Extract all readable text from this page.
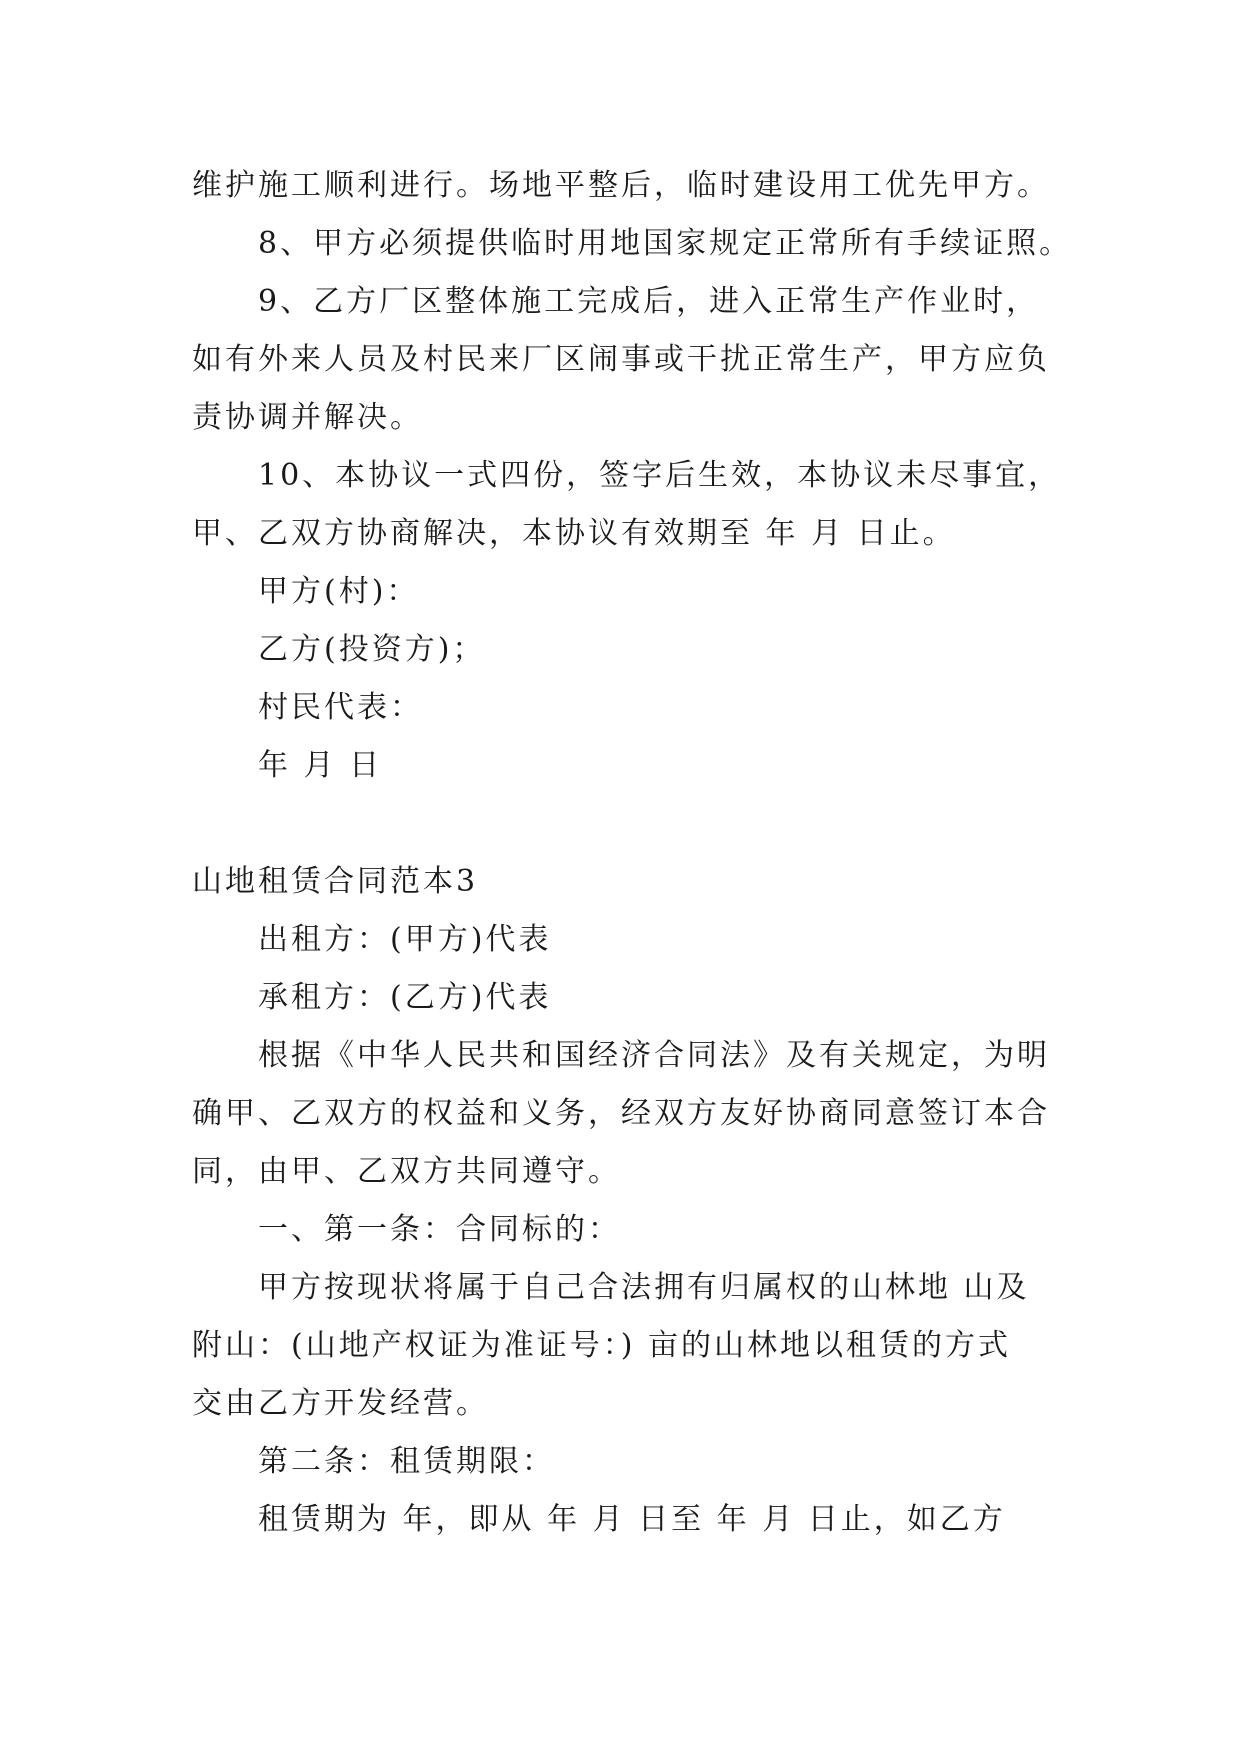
维护施工顺利进行。场地平整后，临时建设用工优先甲方。
8、甲方必须提供临时用地国家规定正常所有手续证照。
9、乙方厂区整体施工完成后，进入正常生产作业时，
如有外来人员及村民来厂区闹事或干扰正常生产，甲方应负
责协调并解决。
10、本协议一式四份，签字后生效，本协议未尽事宜，
甲、乙双方协商解决，本协议有效期至 年 月 日止。
甲方(村)：
乙方(投资方)；
村民代表：
年 月 日
山地租赁合同范本3
出租方：(甲方)代表
承租方：(乙方)代表
根据《中华人民共和国经济合同法》及有关规定，为明
确甲、乙双方的权益和义务，经双方友好协商同意签订本合
同，由甲、乙双方共同遵守。
一、第一条：合同标的：
甲方按现状将属于自己合法拥有归属权的山林地 山及
附山：(山地产权证为准证号：) 亩的山林地以租赁的方式
交由乙方开发经营。
第二条：租赁期限：
租赁期为 年，即从 年 月 日至 年 月 日止，如乙方
